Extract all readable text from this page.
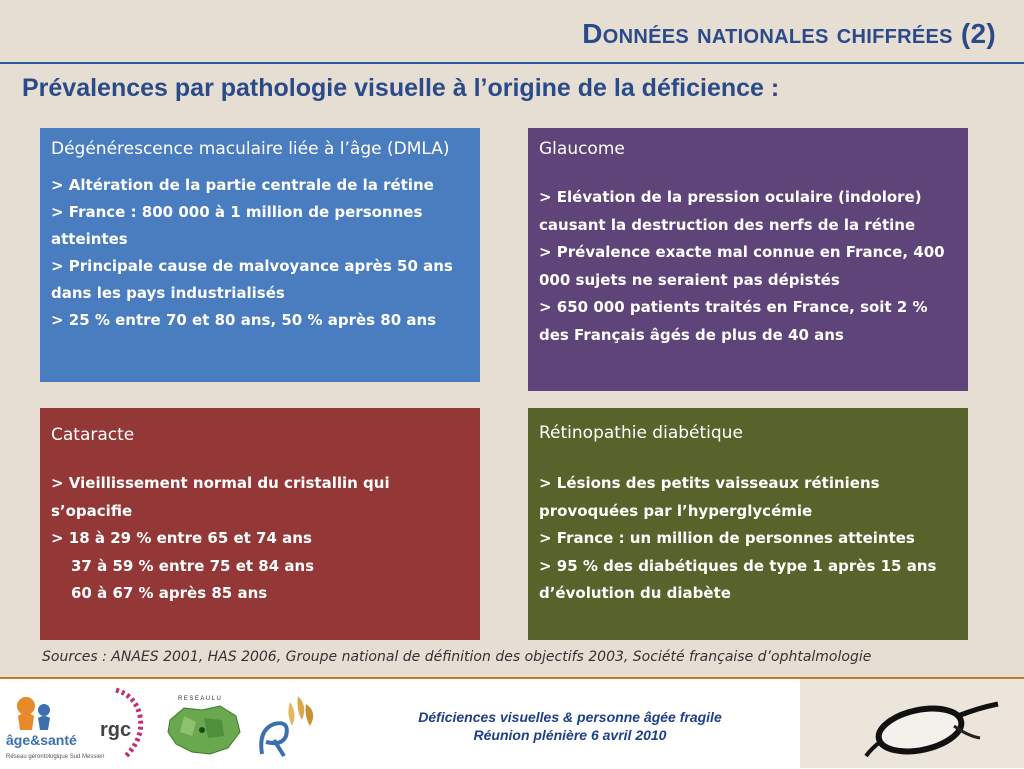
Données nationales chiffrées (2)
Prévalences par pathologie visuelle à l’origine de la déficience :
Dégénérescence maculaire liée à l’âge (DMLA)

> Altération de la partie centrale de la rétine
> France : 800 000 à 1 million de personnes atteintes
> Principale cause de malvoyance après 50 ans dans les pays industrialisés
> 25 % entre 70 et 80 ans, 50 % après 80 ans

Glaucome

> Elévation de la pression oculaire (indolore) causant la destruction des nerfs de la rétine
> Prévalence exacte mal connue en France, 400 000 sujets ne seraient pas dépistés
> 650 000 patients traités en France, soit 2 % des Français âgés de plus de 40 ans

Cataracte

> Vieillissement normal du cristallin qui s’opacifie
> 18 à 29 % entre 65 et 74 ans
37 à 59 % entre 75 et 84 ans
60 à 67 % après 85 ans

Rétinopathie diabétique

> Lésions des petits vaisseaux rétiniens provoquées par l’hyperglycémie
> France : un million de personnes atteintes
> 95 % des diabétiques de type 1 après 15 ans d’évolution du diabète

Sources : ANAES 2001, HAS 2006, Groupe national de définition des objectifs 2003, Société française d’ophtalmologie
âge&santé
Réseau gérontologique Sud Messien
rgc
RESEAULU
Déficiences visuelles & personne âgée fragile
Réunion plénière 6 avril 2010
